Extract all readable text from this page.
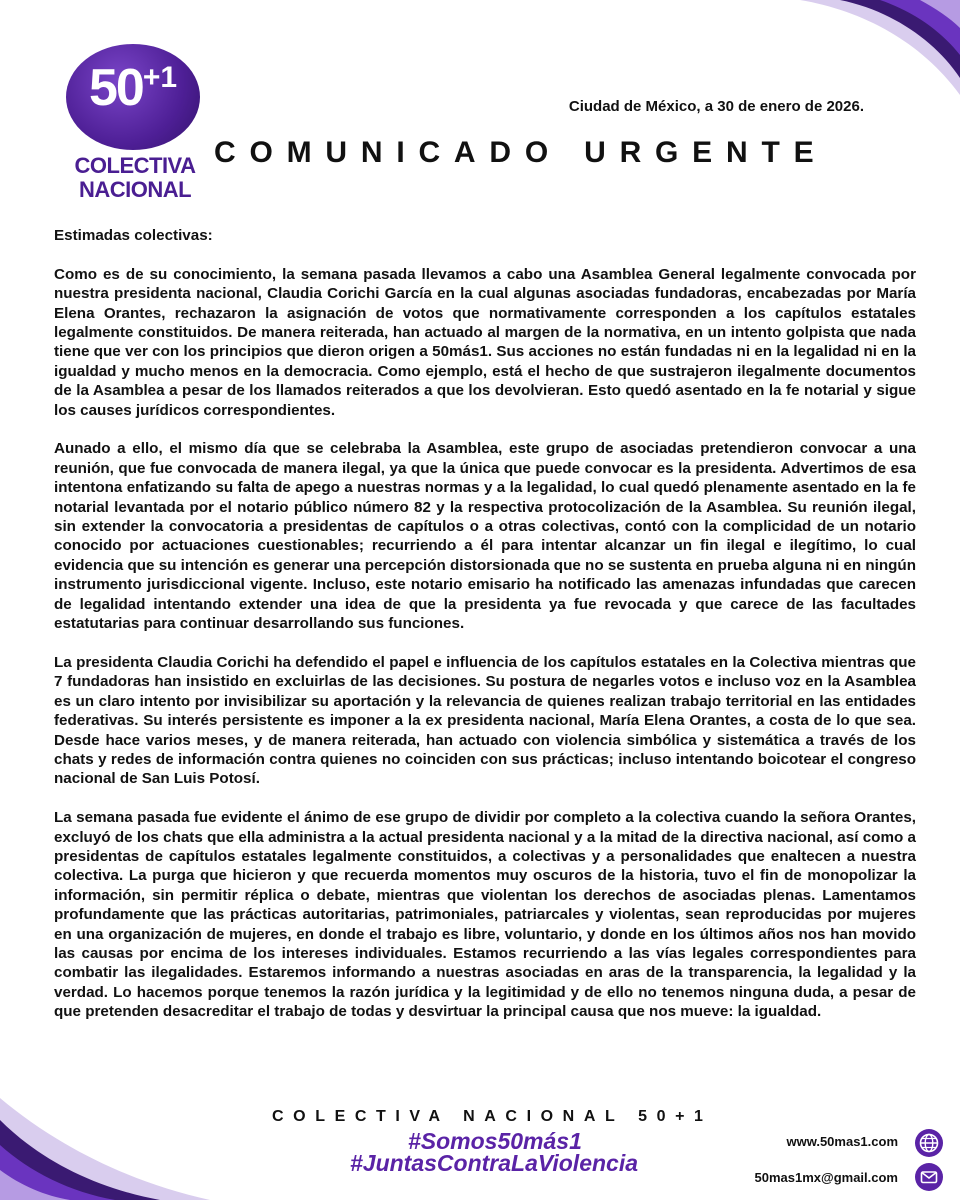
$50^{+1}$
COLECTIVA
NACIONAL
Ciudad de México, a 30 de enero de 2026.
COMUNICADO URGENTE

Estimadas colectivas:

Como es de su conocimiento, la semana pasada llevamos a cabo una Asamblea General legalmente convocada por nuestra presidenta nacional, Claudia Corichi García en la cual algunas asociadas fundadoras, encabezadas por María Elena Orantes, rechazaron la asignación de votos que normativamente corresponden a los capítulos estatales legalmente constituidos. De manera reiterada, han actuado al margen de la normativa, en un intento golpista que nada tiene que ver con los principios que dieron origen a 50más1. Sus acciones no están fundadas ni en la legalidad ni en la igualdad y mucho menos en la democracia. Como ejemplo, está el hecho de que sustrajeron ilegalmente documentos de la Asamblea a pesar de los llamados reiterados a que los devolvieran. Esto quedó asentado en la fe notarial y sigue los causes jurídicos correspondientes.

Aunado a ello, el mismo día que se celebraba la Asamblea, este grupo de asociadas pretendieron convocar a una reunión, que fue convocada de manera ilegal, ya que la única que puede convocar es la presidenta. Advertimos de esa intentona enfatizando su falta de apego a nuestras normas y a la legalidad, lo cual quedó plenamente asentado en la fe notarial levantada por el notario público número 82 y la respectiva protocolización de la Asamblea. Su reunión ilegal, sin extender la convocatoria a presidentas de capítulos o a otras colectivas, contó con la complicidad de un notario conocido por actuaciones cuestionables; recurriendo a él para intentar alcanzar un fin ilegal e ilegítimo, lo cual evidencia que su intención es generar una percepción distorsionada que no se sustenta en prueba alguna ni en ningún instrumento jurisdiccional vigente. Incluso, este notario emisario ha notificado las amenazas infundadas que carecen de legalidad intentando extender una idea de que la presidenta ya fue revocada y que carece de las facultades estatutarias para continuar desarrollando sus funciones.

La presidenta Claudia Corichi ha defendido el papel e influencia de los capítulos estatales en la Colectiva mientras que 7 fundadoras han insistido en excluirlas de las decisiones. Su postura de negarles votos e incluso voz en la Asamblea es un claro intento por invisibilizar su aportación y la relevancia de quienes realizan trabajo territorial en las entidades federativas. Su interés persistente es imponer a la ex presidenta nacional, María Elena Orantes, a costa de lo que sea. Desde hace varios meses, y de manera reiterada, han actuado con violencia simbólica y sistemática a través de los chats y redes de información contra quienes no coinciden con sus prácticas; incluso intentando boicotear el congreso nacional de San Luis Potosí.

La semana pasada fue evidente el ánimo de ese grupo de dividir por completo a la colectiva cuando la señora Orantes, excluyó de los chats que ella administra a la actual presidenta nacional y a la mitad de la directiva nacional, así como a presidentas de capítulos estatales legalmente constituidos, a colectivas y a personalidades que enaltecen a nuestra colectiva. La purga que hicieron y que recuerda momentos muy oscuros de la historia, tuvo el fin de monopolizar la información, sin permitir réplica o debate, mientras que violentan los derechos de asociadas plenas. Lamentamos profundamente que las prácticas autoritarias, patrimoniales, patriarcales y violentas, sean reproducidas por mujeres en una organización de mujeres, en donde el trabajo es libre, voluntario, y donde en los últimos años nos han movido las causas por encima de los intereses individuales. Estamos recurriendo a las vías legales correspondientes para combatir las ilegalidades. Estaremos informando a nuestras asociadas en aras de la transparencia, la legalidad y la verdad. Lo hacemos porque tenemos la razón jurídica y la legitimidad y de ello no tenemos ninguna duda, a pesar de que pretenden desacreditar el trabajo de todas y desvirtuar la principal causa que nos mueve: la igualdad.

COLECTIVA NACIONAL 50+1
#Somos50más1
#JuntasContraLaViolencia
www.50mas1.com
50mas1mx@gmail.com
